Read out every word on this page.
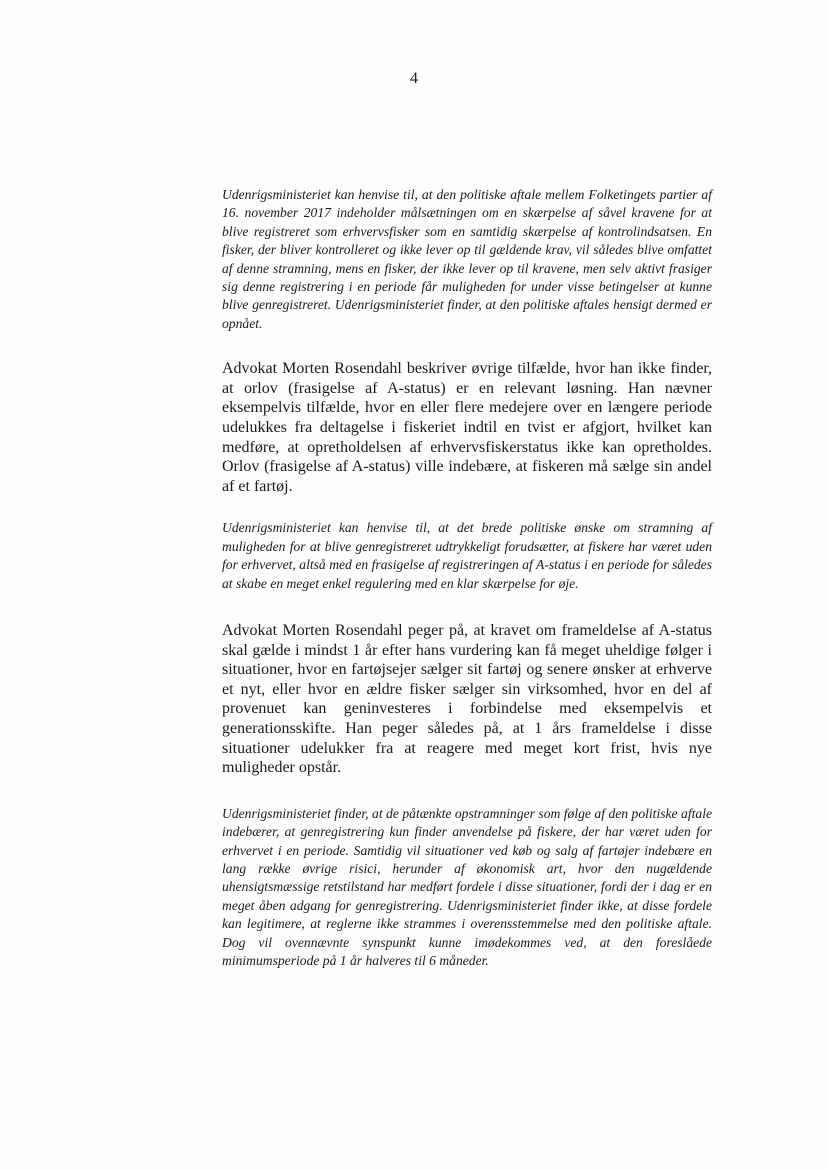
4

Udenrigsministeriet kan henvise til, at den politiske aftale mellem Folketingets partier af 16. november 2017 indeholder målsætningen om en skærpelse af såvel kravene for at blive registreret som erhvervsfisker som en samtidig skærpelse af kontrolindsatsen. En fisker, der bliver kontrolleret og ikke lever op til gældende krav, vil således blive omfattet af denne stramning, mens en fisker, der ikke lever op til kravene, men selv aktivt frasiger sig denne registrering i en periode får muligheden for under visse betingelser at kunne blive genregistreret. Udenrigsministeriet finder, at den politiske aftales hensigt dermed er opnået.

Advokat Morten Rosendahl beskriver øvrige tilfælde, hvor han ikke finder, at orlov (frasigelse af A-status) er en relevant løsning. Han nævner eksempelvis tilfælde, hvor en eller flere medejere over en længere periode udelukkes fra deltagelse i fiskeriet indtil en tvist er afgjort, hvilket kan medføre, at opretholdelsen af erhvervsfiskerstatus ikke kan opretholdes. Orlov (frasigelse af A-status) ville indebære, at fiskeren må sælge sin andel af et fartøj.

Udenrigsministeriet kan henvise til, at det brede politiske ønske om stramning af muligheden for at blive genregistreret udtrykkeligt forudsætter, at fiskere har været uden for erhvervet, altså med en frasigelse af registreringen af A-status i en periode for således at skabe en meget enkel regulering med en klar skærpelse for øje.

Advokat Morten Rosendahl peger på, at kravet om frameldelse af A-status skal gælde i mindst 1 år efter hans vurdering kan få meget uheldige følger i situationer, hvor en fartøjsejer sælger sit fartøj og senere ønsker at erhverve et nyt, eller hvor en ældre fisker sælger sin virksomhed, hvor en del af provenuet kan geninvesteres i forbindelse med eksempelvis et generationsskifte. Han peger således på, at 1 års frameldelse i disse situationer udelukker fra at reagere med meget kort frist, hvis nye muligheder opstår.

Udenrigsministeriet finder, at de påtænkte opstramninger som følge af den politiske aftale indebærer, at genregistrering kun finder anvendelse på fiskere, der har været uden for erhvervet i en periode. Samtidig vil situationer ved køb og salg af fartøjer indebære en lang række øvrige risici, herunder af økonomisk art, hvor den nugældende uhensigtsmæssige retstilstand har medført fordele i disse situationer, fordi der i dag er en meget åben adgang for genregistrering. Udenrigsministeriet finder ikke, at disse fordele kan legitimere, at reglerne ikke strammes i overensstemmelse med den politiske aftale. Dog vil ovennævnte synspunkt kunne imødekommes ved, at den foreslåede minimumsperiode på 1 år halveres til 6 måneder.
